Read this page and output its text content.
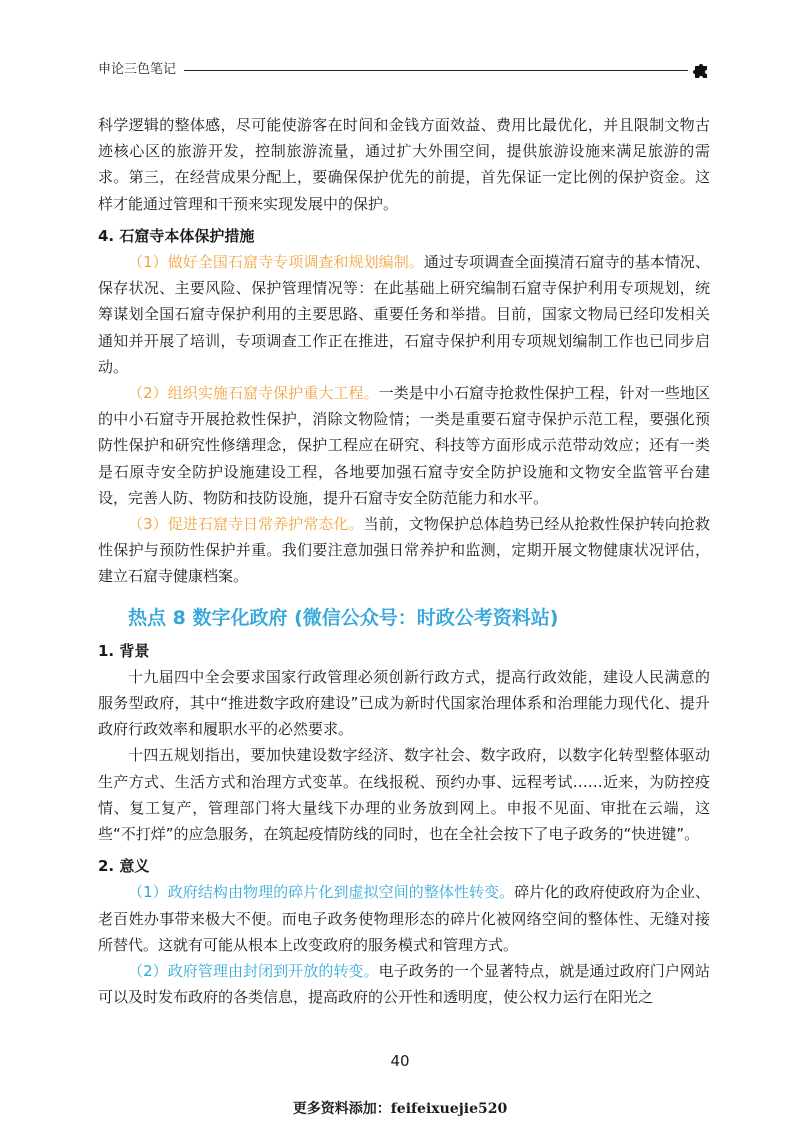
申论三色笔记

科学逻辑的整体感，尽可能使游客在时间和金钱方面效益、费用比最优化，并且限制文物古迹核心区的旅游开发，控制旅游流量，通过扩大外围空间，提供旅游设施来满足旅游的需求。第三，在经营成果分配上，要确保保护优先的前提，首先保证一定比例的保护资金。这样才能通过管理和干预来实现发展中的保护。

4. 石窟寺本体保护措施

（1）做好全国石窟寺专项调查和规划编制。通过专项调查全面摸清石窟寺的基本情况、保存状况、主要风险、保护管理情况等：在此基础上研究编制石窟寺保护利用专项规划，统筹谋划全国石窟寺保护利用的主要思路、重要任务和举措。目前，国家文物局已经印发相关通知并开展了培训，专项调查工作正在推进，石窟寺保护利用专项规划编制工作也已同步启动。

（2）组织实施石窟寺保护重大工程。一类是中小石窟寺抢救性保护工程，针对一些地区的中小石窟寺开展抢救性保护，消除文物险情；一类是重要石窟寺保护示范工程，要强化预防性保护和研究性修缮理念，保护工程应在研究、科技等方面形成示范带动效应；还有一类是石原寺安全防护设施建设工程，各地要加强石窟寺安全防护设施和文物安全监管平台建设，完善人防、物防和技防设施，提升石窟寺安全防范能力和水平。

（3）促进石窟寺日常养护常态化。当前，文物保护总体趋势已经从抢救性保护转向抢救性保护与预防性保护并重。我们要注意加强日常养护和监测，定期开展文物健康状况评估，建立石窟寺健康档案。

热点 8 数字化政府 (微信公众号：时政公考资料站)

1. 背景

十九届四中全会要求国家行政管理必须创新行政方式，提高行政效能，建设人民满意的服务型政府，其中“推进数字政府建设”已成为新时代国家治理体系和治理能力现代化、提升政府行政效率和履职水平的必然要求。

十四五规划指出，要加快建设数字经济、数字社会、数字政府，以数字化转型整体驱动生产方式、生活方式和治理方式变革。在线报税、预约办事、远程考试……近来，为防控疫情、复工复产，管理部门将大量线下办理的业务放到网上。申报不见面、审批在云端，这些“不打烊”的应急服务，在筑起疫情防线的同时，也在全社会按下了电子政务的“快进键”。

2. 意义

（1）政府结构由物理的碎片化到虚拟空间的整体性转变。碎片化的政府使政府为企业、老百姓办事带来极大不便。而电子政务使物理形态的碎片化被网络空间的整体性、无缝对接所替代。这就有可能从根本上改变政府的服务模式和管理方式。

（2）政府管理由封闭到开放的转变。电子政务的一个显著特点，就是通过政府门户网站可以及时发布政府的各类信息，提高政府的公开性和透明度，使公权力运行在阳光之

40
更多资料添加：feifeixuejie520
